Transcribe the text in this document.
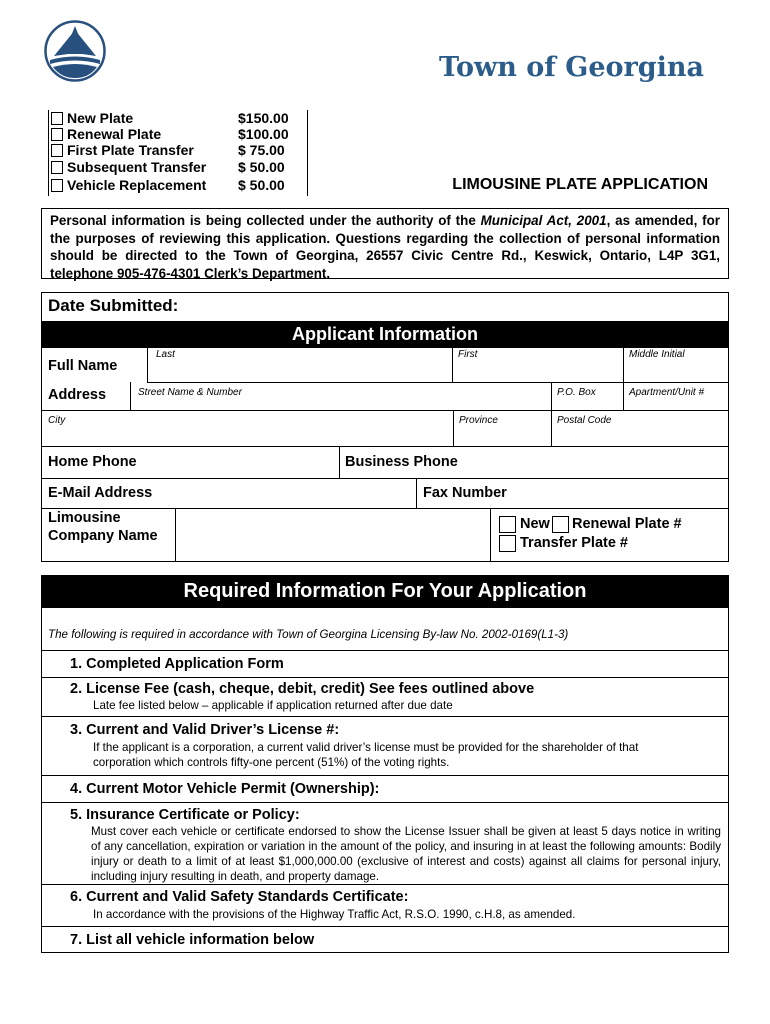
Town of Georgina
New Plate	$150.00
Renewal Plate	$100.00
First Plate Transfer	$ 75.00
Subsequent Transfer $ 50.00
Vehicle Replacement $ 50.00	LIMOUSINE PLATE APPLICATION
Personal information is being collected under the authority of the Municipal Act, 2001, as amended, for the purposes of reviewing this application. Questions regarding the collection of personal information should be directed to the Town of Georgina, 26557 Civic Centre Rd., Keswick, Ontario, L4P 3G1, telephone 905-476-4301 Clerk’s Department.
Date Submitted:
Applicant Information
Full Name
Last	First	Middle Initial
Address	Street Name & Number	P.O. Box	Apartment/Unit #
City	Province	Postal Code
Home Phone	Business Phone
E-Mail Address	Fax Number
Limousine
Company Name
New Renewal Plate #
Transfer Plate #
Required Information For Your Application
The following is required in accordance with Town of Georgina Licensing By-law No. 2002-0169(L1-3)
1. Completed Application Form
2. License Fee (cash, cheque, debit, credit) See fees outlined above
Late fee listed below – applicable if application returned after due date
3. Current and Valid Driver’s License #:
If the applicant is a corporation, a current valid driver’s license must be provided for the shareholder of that corporation which controls fifty-one percent (51%) of the voting rights.
4. Current Motor Vehicle Permit (Ownership):
5. Insurance Certificate or Policy:
Must cover each vehicle or certificate endorsed to show the License Issuer shall be given at least 5 days notice in writing of any cancellation, expiration or variation in the amount of the policy, and insuring in at least the following amounts: Bodily injury or death to a limit of at least $1,000,000.00 (exclusive of interest and costs) against all claims for personal injury, including injury resulting in death, and property damage.
6. Current and Valid Safety Standards Certificate:
In accordance with the provisions of the Highway Traffic Act, R.S.O. 1990, c.H.8, as amended.
7. List all vehicle information below
